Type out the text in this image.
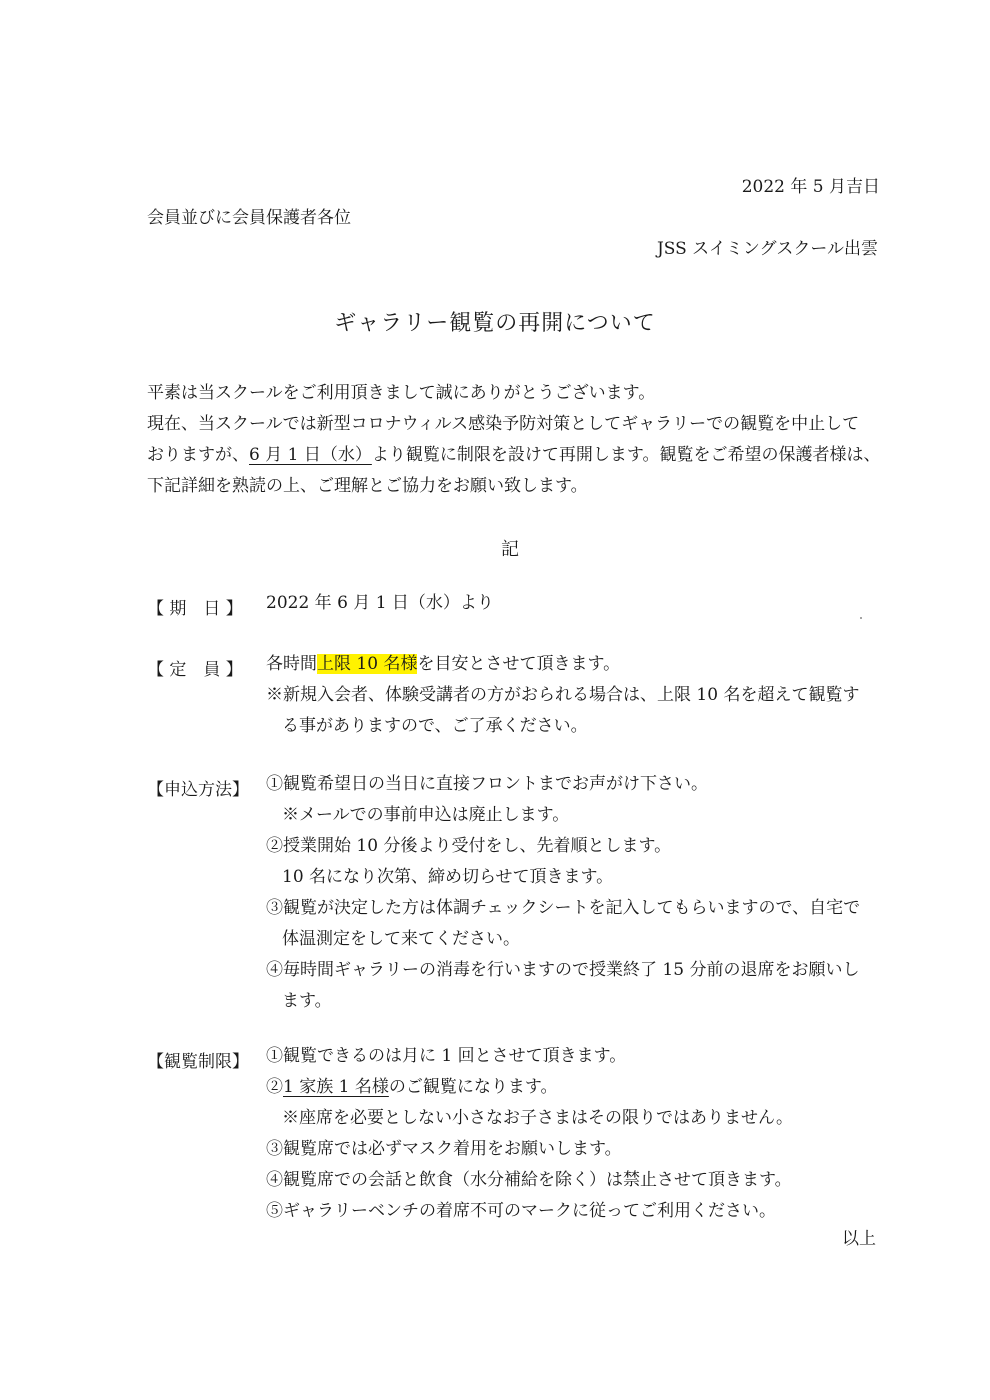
2022 年 5 月吉日
会員並びに会員保護者各位
JSS スイミングスクール出雲
ギャラリー観覧の再開について

平素は当スクールをご利用頂きまして誠にありがとうございます。

現在、当スクールでは新型コロナウィルス感染予防対策としてギャラリーでの観覧を中止して

おりますが、6 月 1 日（水）より観覧に制限を設けて再開します。観覧をご希望の保護者様は、

下記詳細を熟読の上、ご理解とご協力をお願い致します。

記
【 期　日 】 2022 年 6 月 1 日（水）より

【 定　員 】 各時間上限 10 名様を目安とさせて頂きます。

※新規入会者、体験受講者の方がおられる場合は、上限 10 名を超えて観覧す

る事がありますので、ご了承ください。

【申込方法】 ①観覧希望日の当日に直接フロントまでお声がけ下さい。

※メールでの事前申込は廃止します。

②授業開始 10 分後より受付をし、先着順とします。

10 名になり次第、締め切らせて頂きます。

③観覧が決定した方は体調チェックシートを記入してもらいますので、自宅で

体温測定をして来てください。

④毎時間ギャラリーの消毒を行いますので授業終了 15 分前の退席をお願いし

ます。

【観覧制限】 ①観覧できるのは月に 1 回とさせて頂きます。

②1 家族 1 名様のご観覧になります。

※座席を必要としない小さなお子さまはその限りではありません。

③観覧席では必ずマスク着用をお願いします。

④観覧席での会話と飲食（水分補給を除く）は禁止させて頂きます。

⑤ギャラリーベンチの着席不可のマークに従ってご利用ください。

以上
